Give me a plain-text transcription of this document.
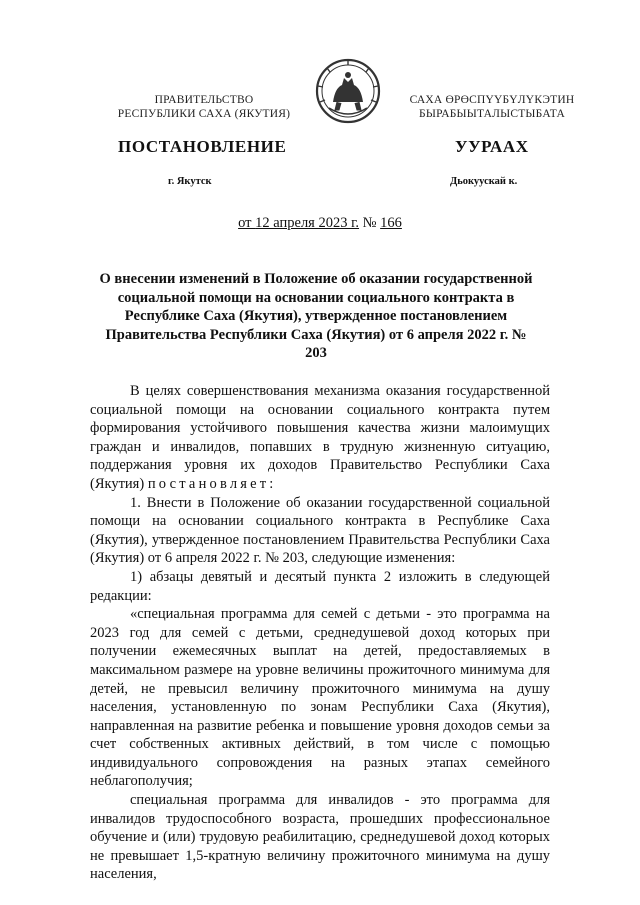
ПРАВИТЕЛЬСТВО
РЕСПУБЛИКИ САХА (ЯКУТИЯ)
САХА ӨРӨСПҮҮБҮЛҮКЭТИН
БЫРАБЫЫТАЛЫСТЫБАТА
ПОСТАНОВЛЕНИЕ	УУРААХ
г. Якутск	Дьокуускай к.
от 12 апреля 2023 г. № 166
О внесении изменений в Положение об оказании государственной социальной помощи на основании социального контракта в Республике Саха (Якутия), утвержденное постановлением Правительства Республики Саха (Якутия) от 6 апреля 2022 г. № 203

В целях совершенствования механизма оказания государственной социальной помощи на основании социального контракта путем формирования устойчивого повышения качества жизни малоимущих граждан и инвалидов, попавших в трудную жизненную ситуацию, поддержания уровня их доходов Правительство Республики Саха (Якутия) постановляет:

1. Внести в Положение об оказании государственной социальной помощи на основании социального контракта в Республике Саха (Якутия), утвержденное постановлением Правительства Республики Саха (Якутия) от 6 апреля 2022 г. № 203, следующие изменения:

1) абзацы девятый и десятый пункта 2 изложить в следующей редакции:

«специальная программа для семей с детьми - это программа на 2023 год для семей с детьми, среднедушевой доход которых при получении ежемесячных выплат на детей, предоставляемых в максимальном размере на уровне величины прожиточного минимума для детей, не превысил величину прожиточного минимума на душу населения, установленную по зонам Республики Саха (Якутия), направленная на развитие ребенка и повышение уровня доходов семьи за счет собственных активных действий, в том числе с помощью индивидуального сопровождения на разных этапах семейного неблагополучия;

специальная программа для инвалидов - это программа для инвалидов трудоспособного возраста, прошедших профессиональное обучение и (или) трудовую реабилитацию, среднедушевой доход которых не превышает 1,5-кратную величину прожиточного минимума на душу населения,
